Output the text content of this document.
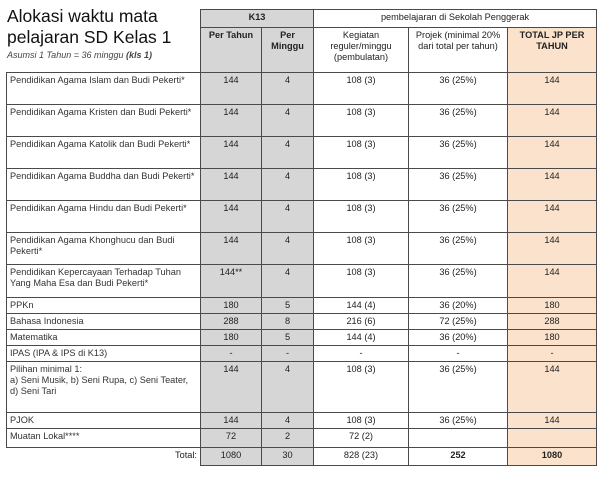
Alokasi waktu mata pelajaran SD Kelas 1
Asumsi 1 Tahun = 36 minggu (kls 1)
	K13		pembelajaran di Sekolah Penggerak		
	Per Tahun	Per Minggu	Kegiatan reguler/minggu (pembulatan)	Projek (minimal 20% dari total per tahun)	TOTAL JP PER TAHUN
Pendidikan Agama Islam dan Budi Pekerti*	144	4	108 (3)	36 (25%)	144
Pendidikan Agama Kristen dan Budi Pekerti*	144	4	108 (3)	36 (25%)	144
Pendidikan Agama Katolik dan Budi Pekerti*	144	4	108 (3)	36 (25%)	144
Pendidikan Agama Buddha dan Budi Pekerti*	144	4	108 (3)	36 (25%)	144
Pendidikan Agama Hindu dan Budi Pekerti*	144	4	108 (3)	36 (25%)	144
Pendidikan Agama Khonghucu dan Budi Pekerti*	144	4	108 (3)	36 (25%)	144
Pendidikan Kepercayaan Terhadap Tuhan Yang Maha Esa dan Budi Pekerti*	144**	4	108 (3)	36 (25%)	144
PPKn	180	5	144 (4)	36 (20%)	180
Bahasa Indonesia	288	8	216 (6)	72 (25%)	288
Matematika	180	5	144 (4)	36 (20%)	180
IPAS (IPA & IPS di K13)	-	-	-	-	-
Pilihan minimal 1:
a) Seni Musik, b) Seni Rupa, c) Seni Teater, d) Seni Tari	144	4	108 (3)	36 (25%)	144
PJOK	144	4	108 (3)	36 (25%)	144
Muatan Lokal****	72	2	72 (2)		
Total:	1080	30	828 (23)	252	1080
